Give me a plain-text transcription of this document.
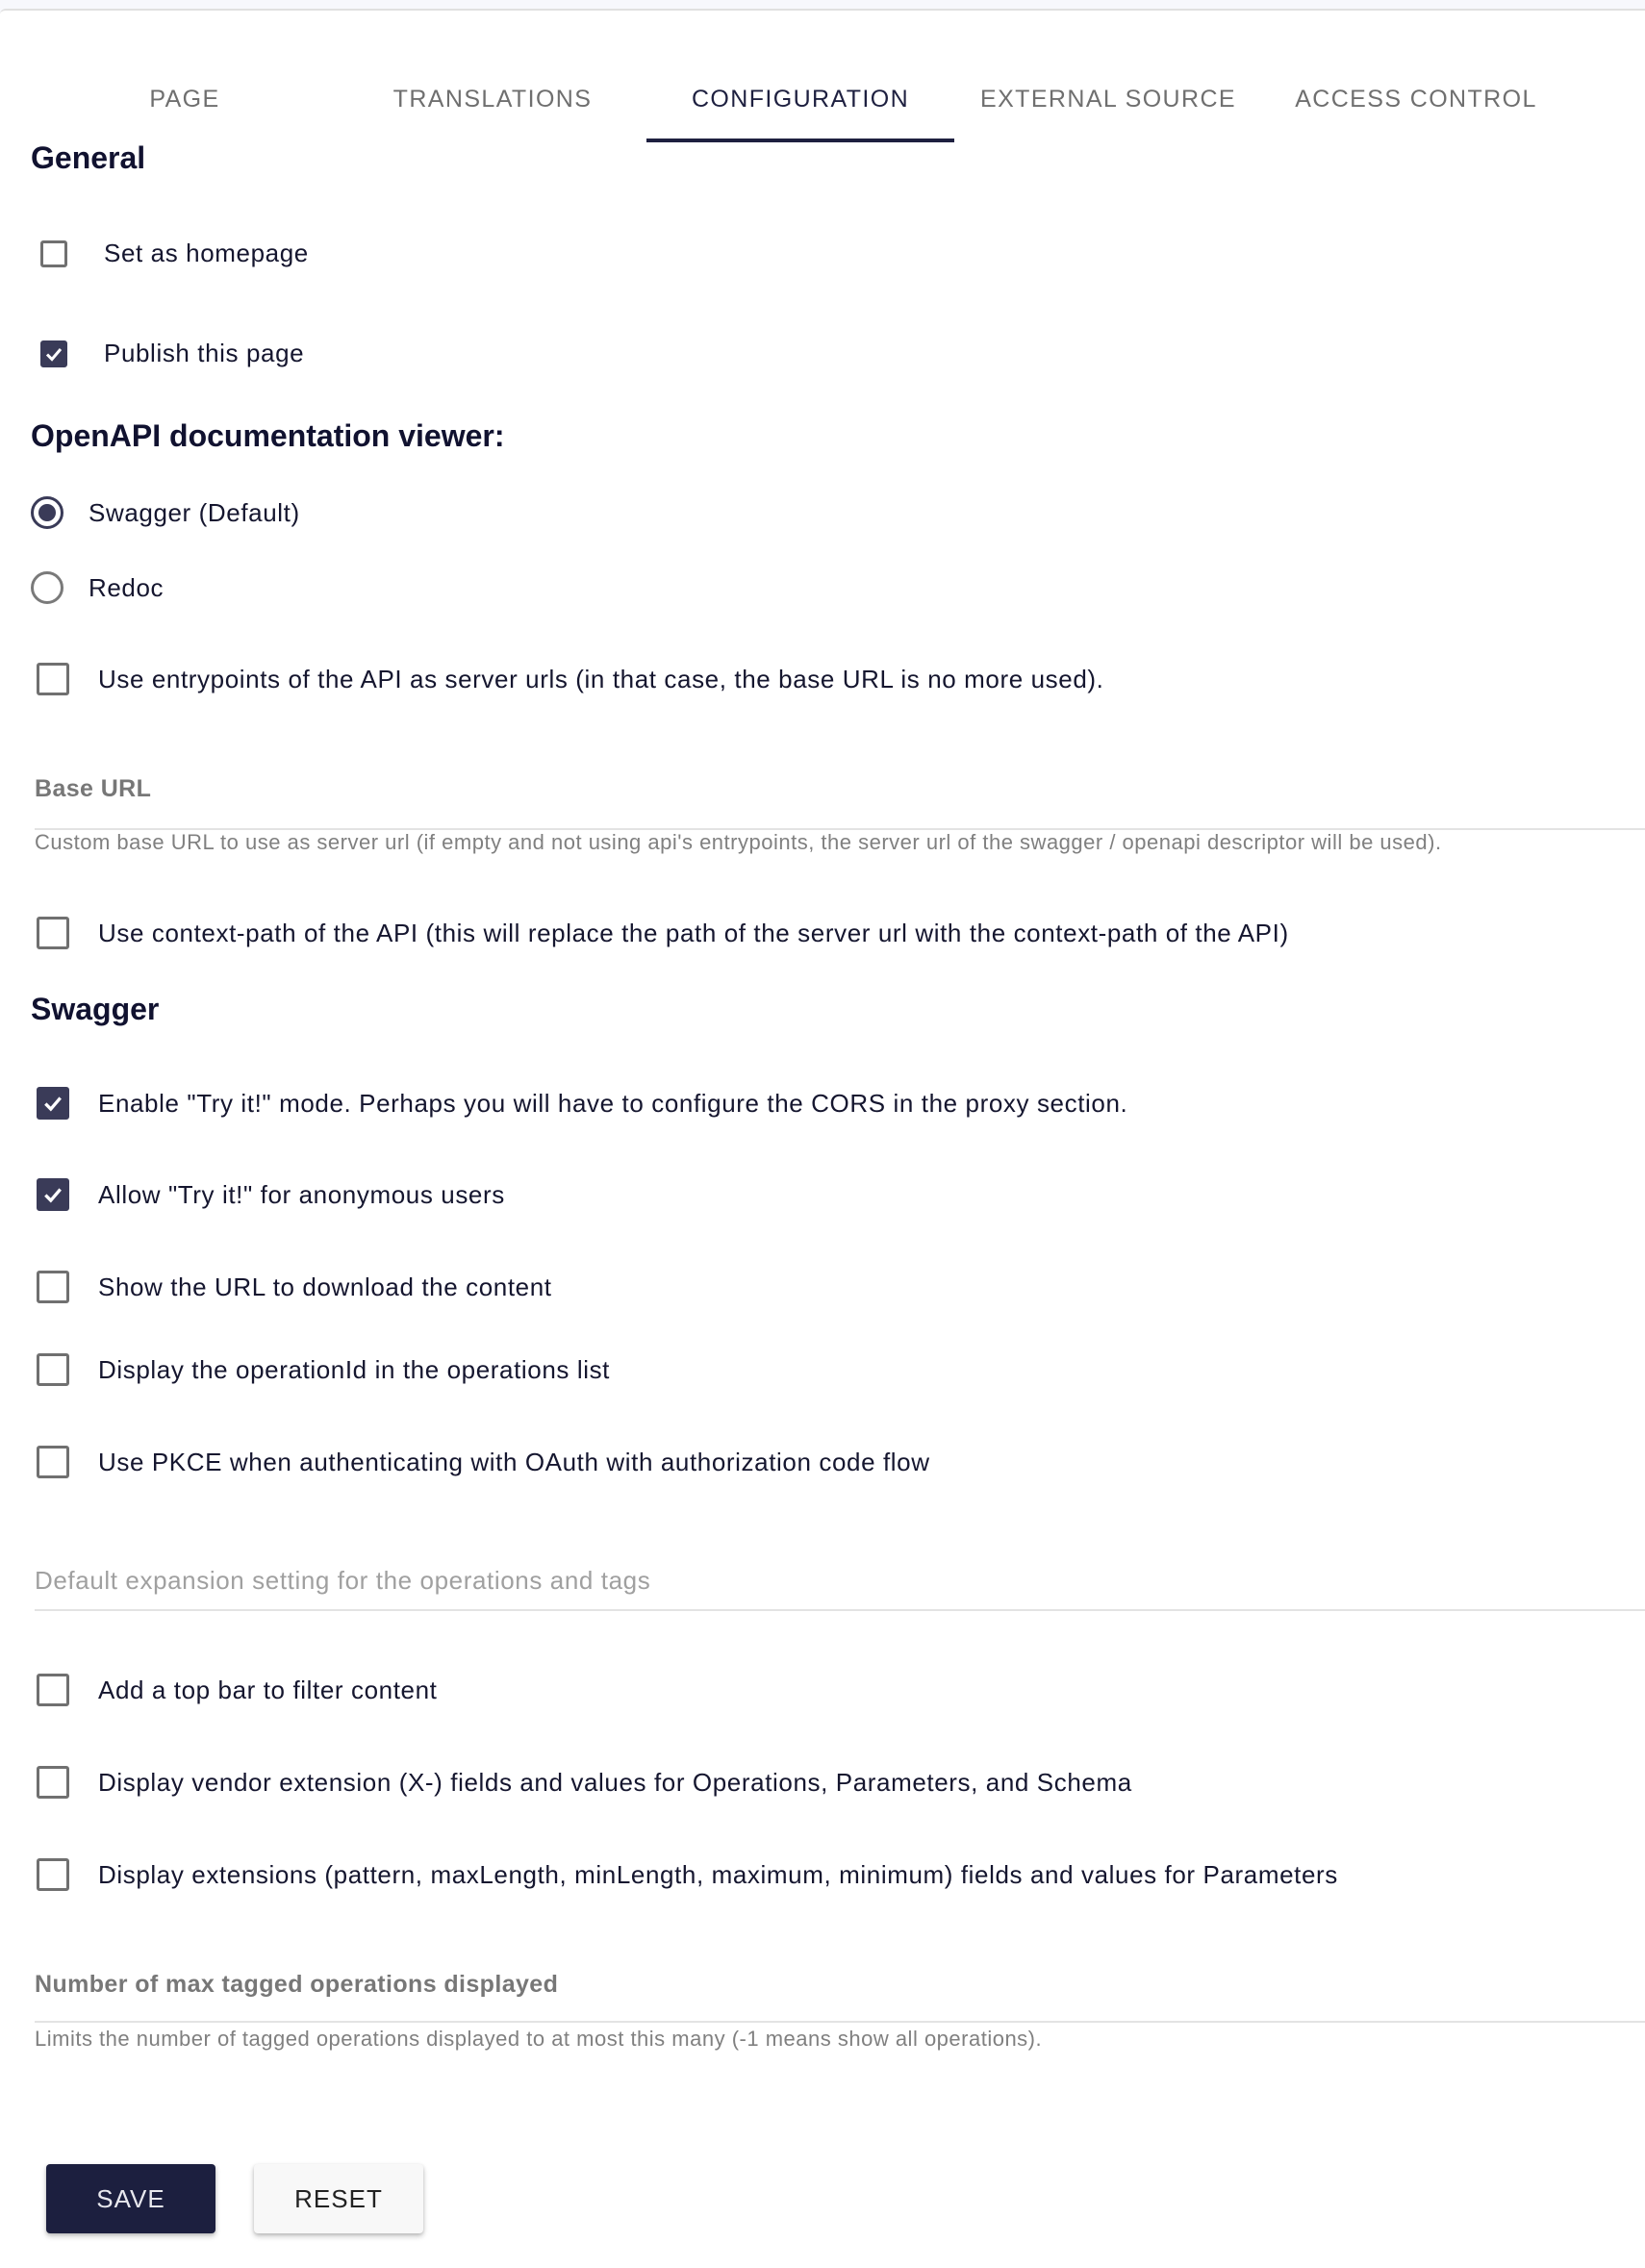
PAGE	TRANSLATIONS	CONFIGURATION	EXTERNAL SOURCE	ACCESS CONTROL
General
Set as homepage
Publish this page
OpenAPI documentation viewer:
Swagger (Default)
Redoc
Use entrypoints of the API as server urls (in that case, the base URL is no more used).
Base URL
Custom base URL to use as server url (if empty and not using api's entrypoints, the server url of the swagger / openapi descriptor will be used).
Use context-path of the API (this will replace the path of the server url with the context-path of the API)
Swagger
Enable "Try it!" mode. Perhaps you will have to configure the CORS in the proxy section.
Allow "Try it!" for anonymous users
Show the URL to download the content
Display the operationId in the operations list
Use PKCE when authenticating with OAuth with authorization code flow
Default expansion setting for the operations and tags
Add a top bar to filter content
Display vendor extension (X-) fields and values for Operations, Parameters, and Schema
Display extensions (pattern, maxLength, minLength, maximum, minimum) fields and values for Parameters
Number of max tagged operations displayed
Limits the number of tagged operations displayed to at most this many (-1 means show all operations).
SAVE	RESET
